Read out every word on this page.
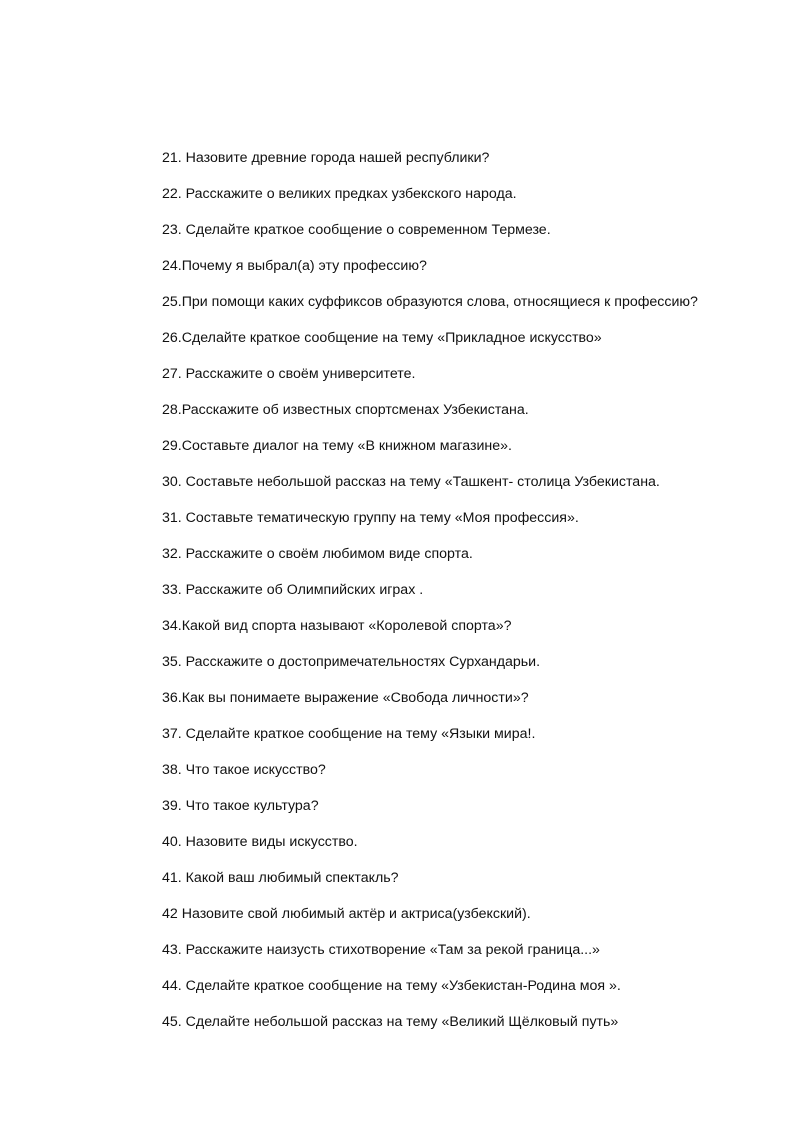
21. Назовите древние города нашей республики?
22. Расскажите о великих предках узбекского народа.
23. Сделайте краткое сообщение о современном Термезе.
24.Почему я выбрал(а) эту профессию?
25.При помощи каких суффиксов образуются слова, относящиеся к профессию?
26.Сделайте краткое сообщение на тему «Прикладное искусство»
27. Расскажите о своём университете.
28.Расскажите об известных спортсменах Узбекистана.
29.Составьте диалог на тему «В книжном магазине».
30. Составьте небольшой рассказ на тему «Ташкент- столица Узбекистана.
31. Составьте тематическую группу на тему «Моя профессия».
32. Расскажите о своём любимом виде спорта.
33. Расскажите об Олимпийских играх .
34.Какой вид спорта называют «Королевой спорта»?
35. Расскажите о достопримечательностях Сурхандарьи.
36.Как вы понимаете выражение «Свобода личности»?
37. Сделайте краткое сообщение на тему «Языки мира!.
38. Что такое искусство?
39. Что такое культура?
40. Назовите виды искусство.
41. Какой ваш любимый спектакль?
42 Назовите свой любимый актёр и актриса(узбекский).
43. Расскажите наизусть стихотворение «Там за рекой граница...»
44. Сделайте краткое сообщение на тему «Узбекистан-Родина моя ».
45. Сделайте небольшой рассказ на тему «Великий Щёлковый путь»
